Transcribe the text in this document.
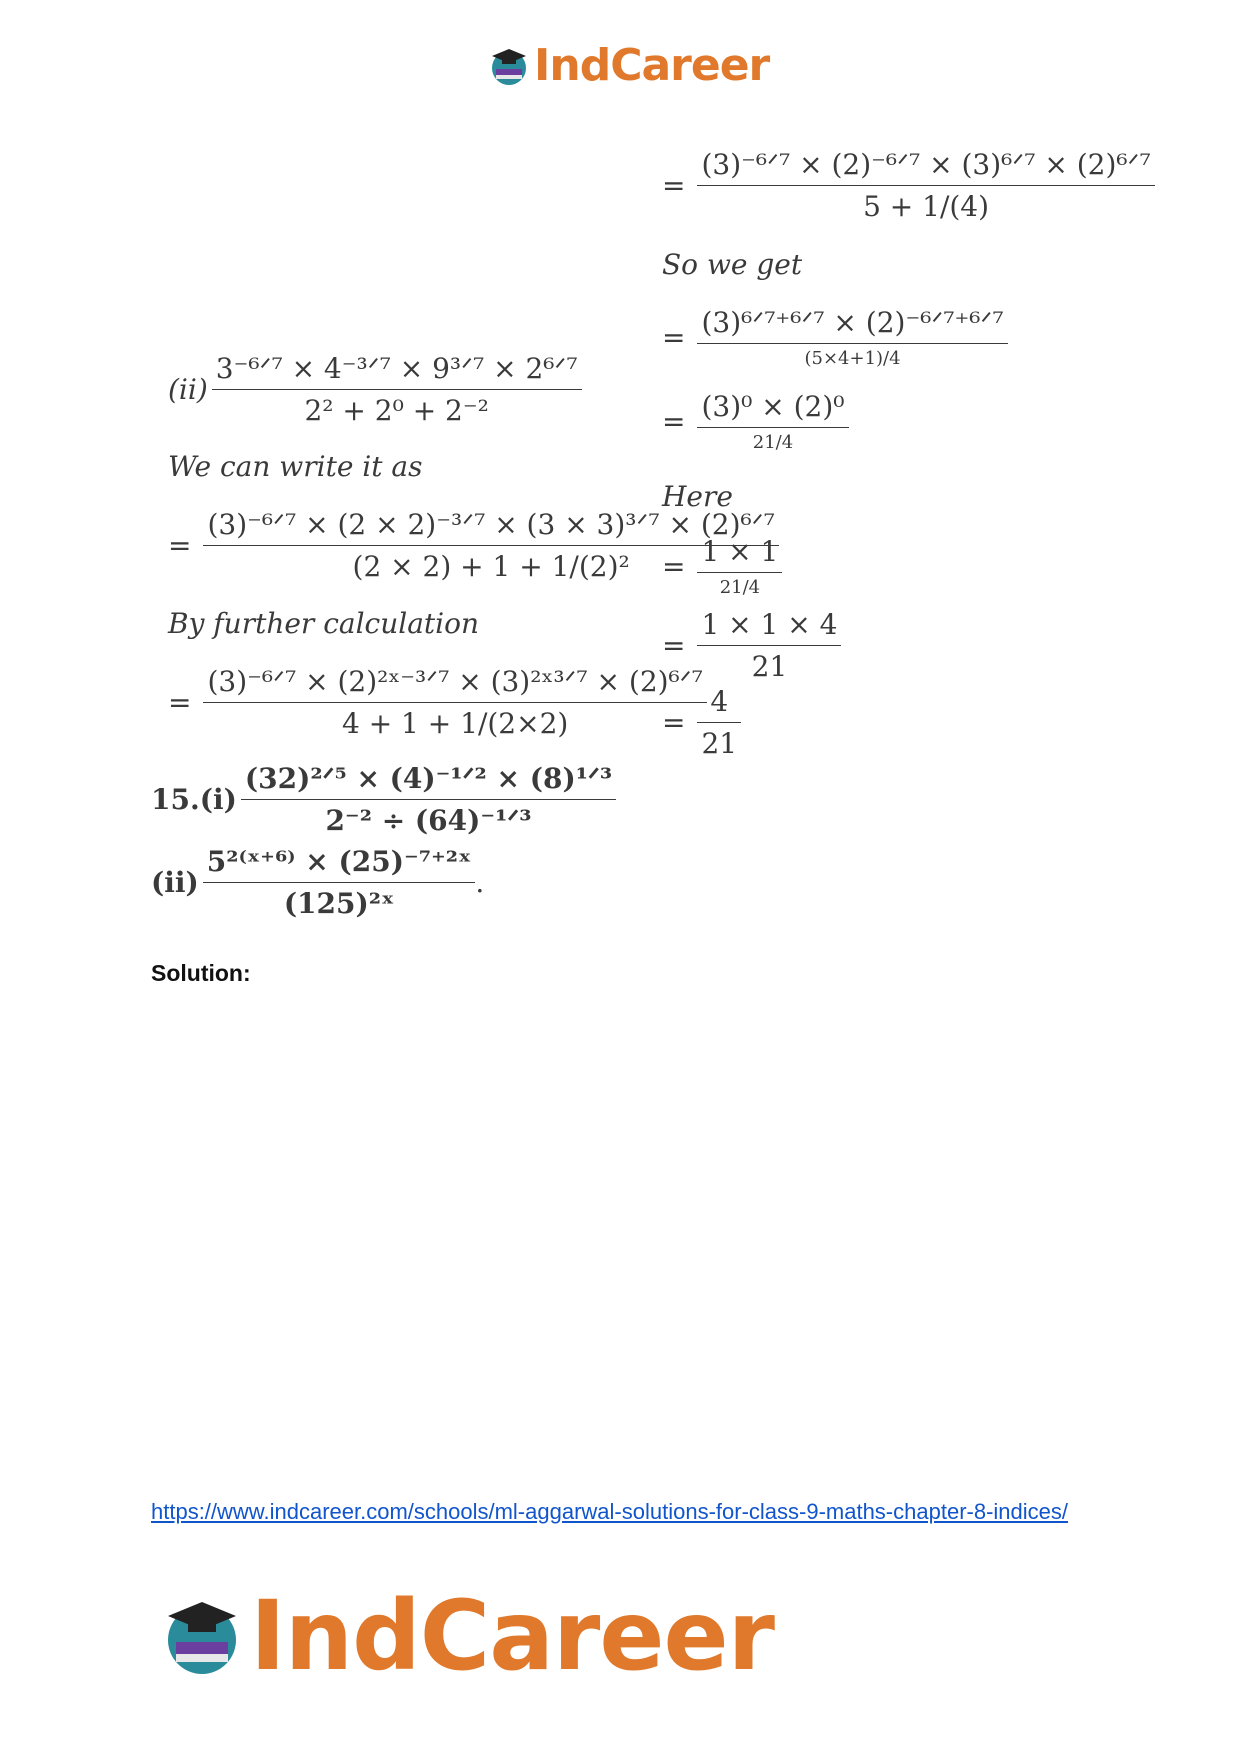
IndCareer
= $\frac{\text{(3)⁻⁶ᐟ⁷ × (2)⁻⁶ᐟ⁷ × (3)⁶ᐟ⁷ × (2)⁶ᐟ⁷}}{5 + 1/(4)}$
So we get
= $\frac{\text{(3)⁶ᐟ⁷⁺⁶ᐟ⁷ × (2)⁻⁶ᐟ⁷⁺⁶ᐟ⁷}}{(5\times 4+1)/4}$
= $\frac{\text{(3)⁰ × (2)⁰}}{21/4}$
Here
= $\frac{1 \times 1}{21/4}$
= $\frac{1 \times 1 \times 4}{21}$
= $\frac{4}{21}$
$(ii) \frac{\text{3⁻⁶ᐟ⁷ × 4⁻³ᐟ⁷ × 9³ᐟ⁷ × 2⁶ᐟ⁷}}{\text{2² + 2⁰ + 2⁻²}}$
We can write it as
= $\frac{\text{(3)⁻⁶ᐟ⁷ × (2 × 2)⁻³ᐟ⁷ × (3 × 3)³ᐟ⁷ × (2)⁶ᐟ⁷}}{\text{(2 × 2) + 1 + 1/(2)²}}$
By further calculation
= $\frac{\text{(3)⁻⁶ᐟ⁷ × (2)²ˣ⁻³ᐟ⁷ × (3)²ˣ³ᐟ⁷ × (2)⁶ᐟ⁷}}{4 + 1 + 1/(2\times 2)}$
$15.(i) \frac{\text{(32)²ᐟ⁵ × (4)⁻¹ᐟ² × (8)¹ᐟ³}}{\text{2⁻² ÷ (64)⁻¹ᐟ³}}$
$(ii) \frac{\text{5²⁽ˣ⁺⁶⁾ × (25)⁻⁷⁺²ˣ}}{\text{(125)²ˣ}}$ .
Solution:
https://www.indcareer.com/schools/ml-aggarwal-solutions-for-class-9-maths-chapter-8-indices/
IndCareer
